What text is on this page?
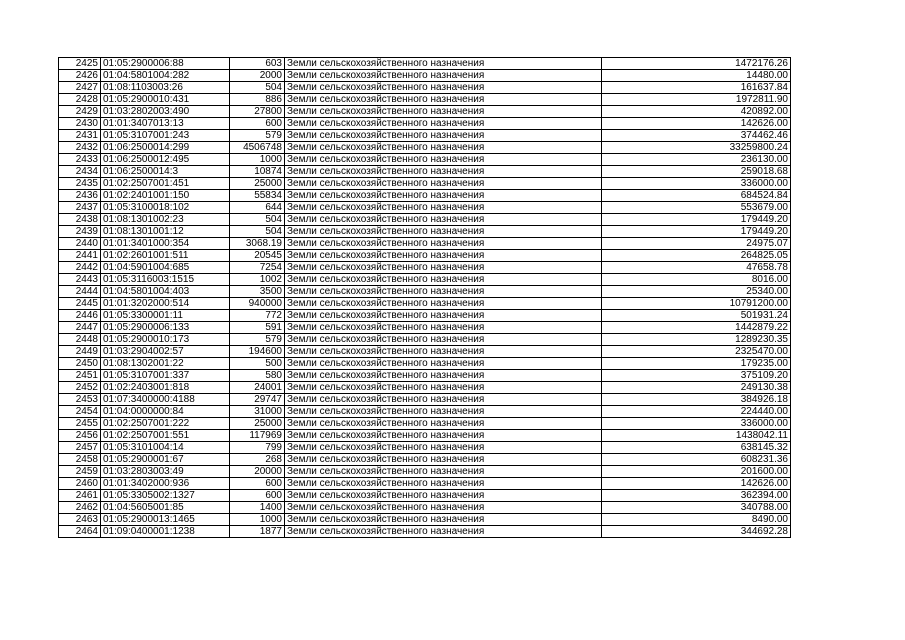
2425	01:05:2900006:88	603	Земли сельскохозяйственного назначения	1472176.26
2426	01:04:5801004:282	2000	Земли сельскохозяйственного назначения	14480.00
2427	01:08:1103003:26	504	Земли сельскохозяйственного назначения	161637.84
2428	01:05:2900010:431	886	Земли сельскохозяйственного назначения	1972811.90
2429	01:03:2802003:490	27800	Земли сельскохозяйственного назначения	420892.00
2430	01:01:3407013:13	600	Земли сельскохозяйственного назначения	142626.00
2431	01:05:3107001:243	579	Земли сельскохозяйственного назначения	374462.46
2432	01:06:2500014:299	4506748	Земли сельскохозяйственного назначения	33259800.24
2433	01:06:2500012:495	1000	Земли сельскохозяйственного назначения	236130.00
2434	01:06:2500014:3	10874	Земли сельскохозяйственного назначения	259018.68
2435	01:02:2507001:451	25000	Земли сельскохозяйственного назначения	336000.00
2436	01:02:2401001:150	55834	Земли сельскохозяйственного назначения	684524.84
2437	01:05:3100018:102	644	Земли сельскохозяйственного назначения	553679.00
2438	01:08:1301002:23	504	Земли сельскохозяйственного назначения	179449.20
2439	01:08:1301001:12	504	Земли сельскохозяйственного назначения	179449.20
2440	01:01:3401000:354	3068.19	Земли сельскохозяйственного назначения	24975.07
2441	01:02:2601001:511	20545	Земли сельскохозяйственного назначения	264825.05
2442	01:04:5901004:685	7254	Земли сельскохозяйственного назначения	47658.78
2443	01:05:3116003:1515	1002	Земли сельскохозяйственного назначения	8016.00
2444	01:04:5801004:403	3500	Земли сельскохозяйственного назначения	25340.00
2445	01:01:3202000:514	940000	Земли сельскохозяйственного назначения	10791200.00
2446	01:05:3300001:11	772	Земли сельскохозяйственного назначения	501931.24
2447	01:05:2900006:133	591	Земли сельскохозяйственного назначения	1442879.22
2448	01:05:2900010:173	579	Земли сельскохозяйственного назначения	1289230.35
2449	01:03:2904002:57	194600	Земли сельскохозяйственного назначения	2325470.00
2450	01:08:1302001:22	500	Земли сельскохозяйственного назначения	179235.00
2451	01:05:3107001:337	580	Земли сельскохозяйственного назначения	375109.20
2452	01:02:2403001:818	24001	Земли сельскохозяйственного назначения	249130.38
2453	01:07:3400000:4188	29747	Земли сельскохозяйственного назначения	384926.18
2454	01:04:0000000:84	31000	Земли сельскохозяйственного назначения	224440.00
2455	01:02:2507001:222	25000	Земли сельскохозяйственного назначения	336000.00
2456	01:02:2507001:551	117969	Земли сельскохозяйственного назначения	1438042.11
2457	01:05:3101004:14	799	Земли сельскохозяйственного назначения	638145.32
2458	01:05:2900001:67	268	Земли сельскохозяйственного назначения	608231.36
2459	01:03:2803003:49	20000	Земли сельскохозяйственного назначения	201600.00
2460	01:01:3402000:936	600	Земли сельскохозяйственного назначения	142626.00
2461	01:05:3305002:1327	600	Земли сельскохозяйственного назначения	362394.00
2462	01:04:5605001:85	1400	Земли сельскохозяйственного назначения	340788.00
2463	01:05:2900013:1465	1000	Земли сельскохозяйственного назначения	8490.00
2464	01:09:0400001:1238	1877	Земли сельскохозяйственного назначения	344692.28
